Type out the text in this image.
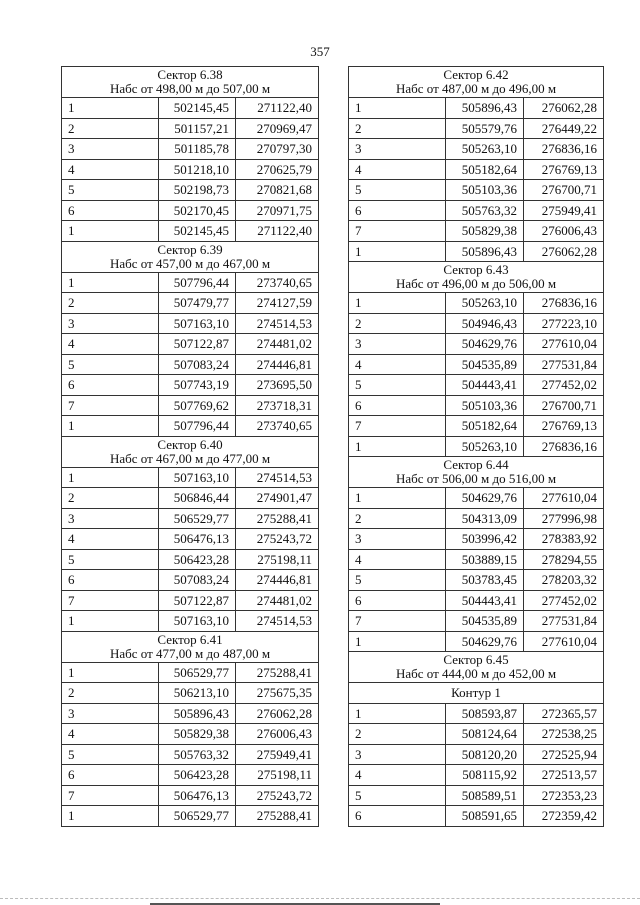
357
Сектор 6.38
Набс от 498,00 м до 507,00 м		

1	502145,45	271122,40
2	501157,21	270969,47
3	501185,78	270797,30
4	501218,10	270625,79
5	502198,73	270821,68
6	502170,45	270971,75
1	502145,45	271122,40

Сектор 6.39
Набс от 457,00 м до 467,00 м		

1	507796,44	273740,65
2	507479,77	274127,59
3	507163,10	274514,53
4	507122,87	274481,02
5	507083,24	274446,81
6	507743,19	273695,50
7	507769,62	273718,31
1	507796,44	273740,65

Сектор 6.40
Набс от 467,00 м до 477,00 м		

1	507163,10	274514,53
2	506846,44	274901,47
3	506529,77	275288,41
4	506476,13	275243,72
5	506423,28	275198,11
6	507083,24	274446,81
7	507122,87	274481,02
1	507163,10	274514,53

Сектор 6.41
Набс от 477,00 м до 487,00 м		

1	506529,77	275288,41
2	506213,10	275675,35
3	505896,43	276062,28
4	505829,38	276006,43
5	505763,32	275949,41
6	506423,28	275198,11
7	506476,13	275243,72
1	506529,77	275288,41
Сектор 6.42
Набс от 487,00 м до 496,00 м		

1	505896,43	276062,28
2	505579,76	276449,22
3	505263,10	276836,16
4	505182,64	276769,13
5	505103,36	276700,71
6	505763,32	275949,41
7	505829,38	276006,43
1	505896,43	276062,28

Сектор 6.43
Набс от 496,00 м до 506,00 м		

1	505263,10	276836,16
2	504946,43	277223,10
3	504629,76	277610,04
4	504535,89	277531,84
5	504443,41	277452,02
6	505103,36	276700,71
7	505182,64	276769,13
1	505263,10	276836,16

Сектор 6.44
Набс от 506,00 м до 516,00 м		

1	504629,76	277610,04
2	504313,09	277996,98
3	503996,42	278383,92
4	503889,15	278294,55
5	503783,45	278203,32
6	504443,41	277452,02
7	504535,89	277531,84
1	504629,76	277610,04

Сектор 6.45
Набс от 444,00 м до 452,00 м		

Контур 1		
1	508593,87	272365,57
2	508124,64	272538,25
3	508120,20	272525,94
4	508115,92	272513,57
5	508589,51	272353,23
6	508591,65	272359,42
